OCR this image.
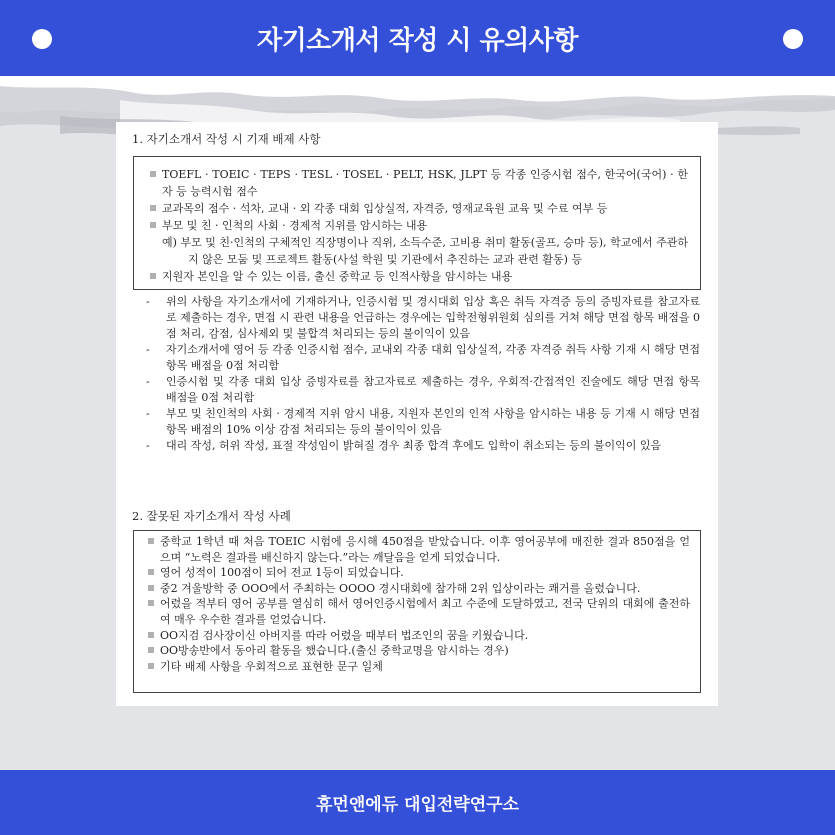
자기소개서 작성 시 유의사항
1. 자기소개서 작성 시 기재 배제 사항
TOEFL · TOEIC · TEPS · TESL · TOSEL · PELT, HSK, JLPT 등 각종 인증시험 점수, 한국어(국어) · 한자 등 능력시험 점수
교과목의 점수 · 석차, 교내 · 외 각종 대회 입상실적, 자격증, 영재교육원 교육 및 수료 여부 등
부모 및 친 · 인척의 사회 · 경제적 지위를 암시하는 내용
예) 부모 및 친·인척의 구체적인 직장명이나 직위, 소득수준, 고비용 취미 활동(골프, 승마 등), 학교에서 주관하지 않은 모둠 및 프로젝트 활동(사설 학원 및 기관에서 추진하는 교과 관련 활동) 등
지원자 본인을 알 수 있는 이름, 출신 중학교 등 인적사항을 암시하는 내용
- 위의 사항을 자기소개서에 기재하거나, 인증시험 및 경시대회 입상 혹은 취득 자격증 등의 증빙자료를 참고자료로 제출하는 경우, 면접 시 관련 내용을 언급하는 경우에는 입학전형위원회 심의를 거쳐 해당 면접 항목 배점을 0점 처리, 감점, 심사제외 및 불합격 처리되는 등의 불이익이 있음
- 자기소개서에 영어 등 각종 인증시험 점수, 교내외 각종 대회 입상실적, 각종 자격증 취득 사항 기재 시 해당 면접 항목 배점을 0점 처리함
- 인증시험 및 각종 대회 입상 증빙자료를 참고자료로 제출하는 경우, 우회적·간접적인 진술에도 해당 면접 항목 배점을 0점 처리함
- 부모 및 친인척의 사회 · 경제적 지위 암시 내용, 지원자 본인의 인적 사항을 암시하는 내용 등 기재 시 해당 면접 항목 배점의 10% 이상 감점 처리되는 등의 불이익이 있음
- 대리 작성, 허위 작성, 표절 작성임이 밝혀질 경우 최종 합격 후에도 입학이 취소되는 등의 불이익이 있음
2. 잘못된 자기소개서 작성 사례
중학교 1학년 때 처음 TOEIC 시험에 응시해 450점을 받았습니다. 이후 영어공부에 매진한 결과 850점을 얻으며 “노력은 결과를 배신하지 않는다.”라는 깨달음을 얻게 되었습니다.
영어 성적이 100점이 되어 전교 1등이 되었습니다.
중2 겨울방학 중 OOO에서 주최하는 OOOO 경시대회에 참가해 2위 입상이라는 쾌거를 올렸습니다.
어렸을 적부터 영어 공부를 열심히 해서 영어인증시험에서 최고 수준에 도달하였고, 전국 단위의 대회에 출전하여 매우 우수한 결과를 얻었습니다.
OO지검 검사장이신 아버지를 따라 어렸을 때부터 법조인의 꿈을 키웠습니다.
OO방송반에서 동아리 활동을 했습니다.(출신 중학교명을 암시하는 경우)
기타 배제 사항을 우회적으로 표현한 문구 일체
휴먼앤에듀 대입전략연구소
